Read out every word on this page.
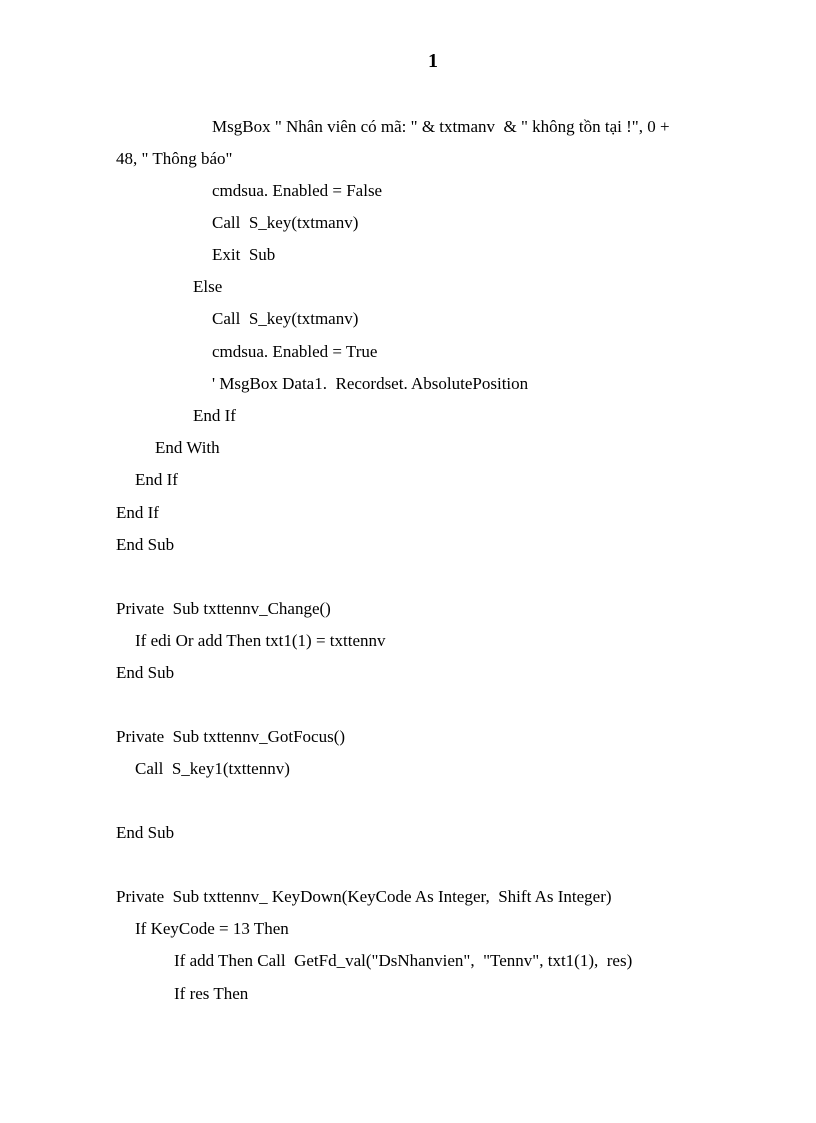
1
MsgBox " Nhân viên có mã: " & txtmanv  & " không tồn tại !", 0 +
48, " Thông báo"
cmdsua. Enabled = False
Call  S_key(txtmanv)
Exit  Sub
Else
Call  S_key(txtmanv)
cmdsua. Enabled = True
' MsgBox Data1.  Recordset. AbsolutePosition
End If
End With
End If
End If
End Sub
Private  Sub txttennv_Change()
If edi Or add Then txt1(1) = txttennv
End Sub
Private  Sub txttennv_GotFocus()
Call  S_key1(txttennv)
End Sub
Private  Sub txttennv_ KeyDown(KeyCode As Integer,  Shift As Integer)
If KeyCode = 13 Then
If add Then Call  GetFd_val("DsNhanvien",  "Tennv", txt1(1),  res)
If res Then
